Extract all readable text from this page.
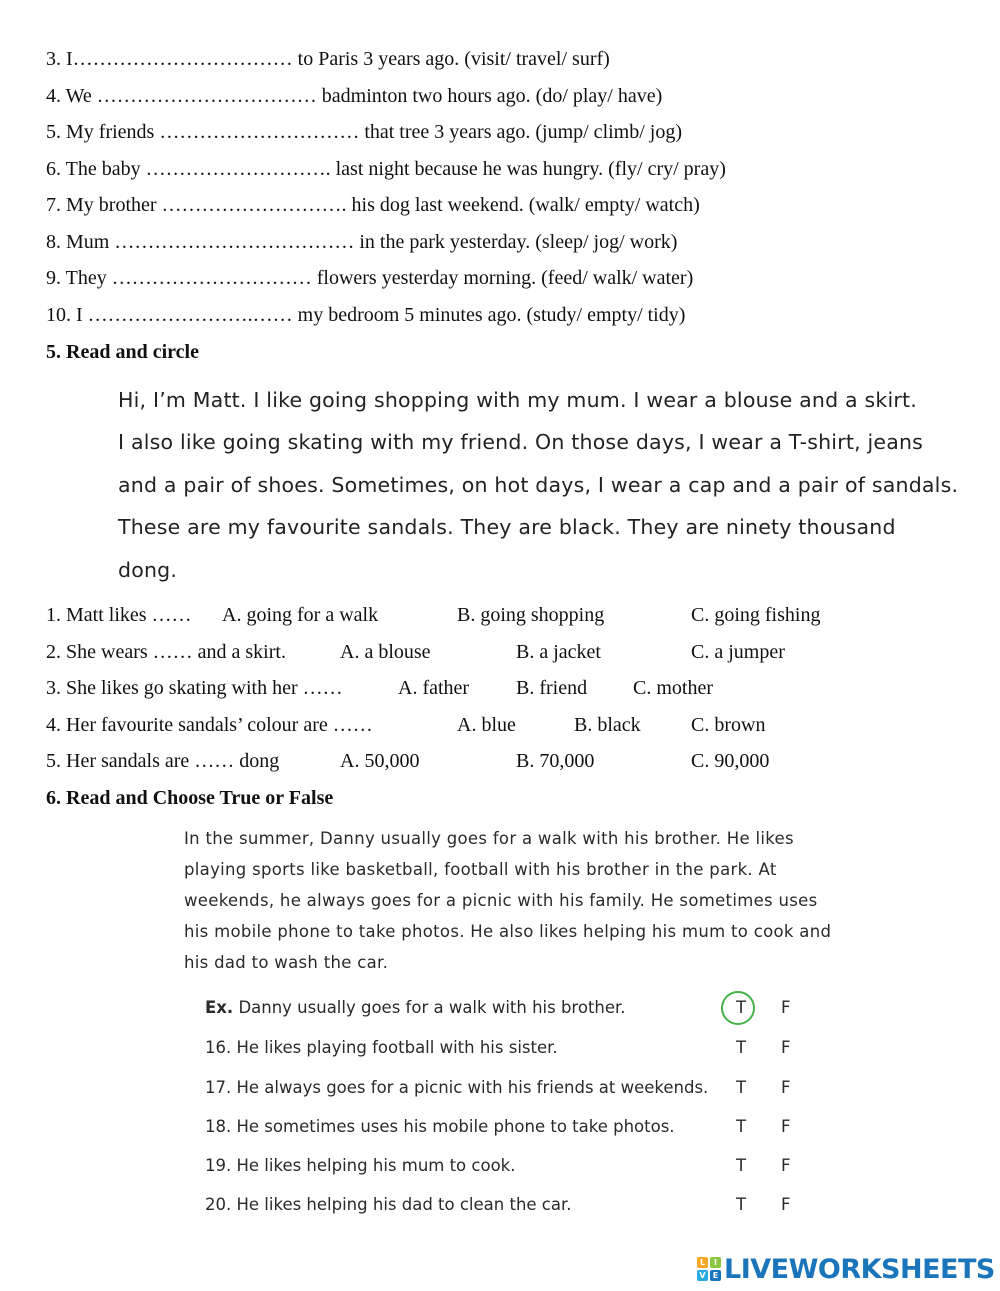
3. I…………………………… to Paris 3 years ago. (visit/ travel/ surf)
4. We …………………………… badminton two hours ago. (do/ play/ have)
5. My friends ………………………… that tree 3 years ago. (jump/ climb/ jog)
6. The baby ………………………. last night because he was hungry. (fly/ cry/ pray)
7. My brother ………………………. his dog last weekend. (walk/ empty/ watch)
8. Mum ……………………………… in the park yesterday. (sleep/ jog/ work)
9. They ………………………… flowers yesterday morning. (feed/ walk/ water)
10. I …………………….…… my bedroom 5 minutes ago. (study/ empty/ tidy)
5. Read and circle
Hi, I’m Matt. I like going shopping with my mum. I wear a blouse and a skirt.
I also like going skating with my friend. On those days, I wear a T-shirt, jeans
and a pair of shoes. Sometimes, on hot days, I wear a cap and a pair of sandals.
These are my favourite sandals. They are black. They are ninety thousand
dong.
1. Matt likes …… A. going for a walk	B. going shopping	C. going fishing
2. She wears …… and a skirt.	A. a blouse	B. a jacket	C. a jumper
3. She likes go skating with her ……	A. father B. friend C. mother
4. Her favourite sandals’ colour are ……	A. blue	B. black	C. brown
5. Her sandals are …… dong	A. 50,000	B. 70,000	C. 90,000
6. Read and Choose True or False
In the summer, Danny usually goes for a walk with his brother. He likes
playing sports like basketball, football with his brother in the park. At
weekends, he always goes for a picnic with his family. He sometimes uses
his mobile phone to take photos. He also likes helping his mum to cook and
his dad to wash the car.
Ex. Danny usually goes for a walk with his brother.	T F
16. He likes playing football with his sister.	T F
17. He always goes for a picnic with his friends at weekends. T F
18. He sometimes uses his mobile phone to take photos.	T F
19. He likes helping his mum to cook.	T F
20. He likes helping his dad to clean the car.	T F
L	I
V E LIVEWORKSHEETS
